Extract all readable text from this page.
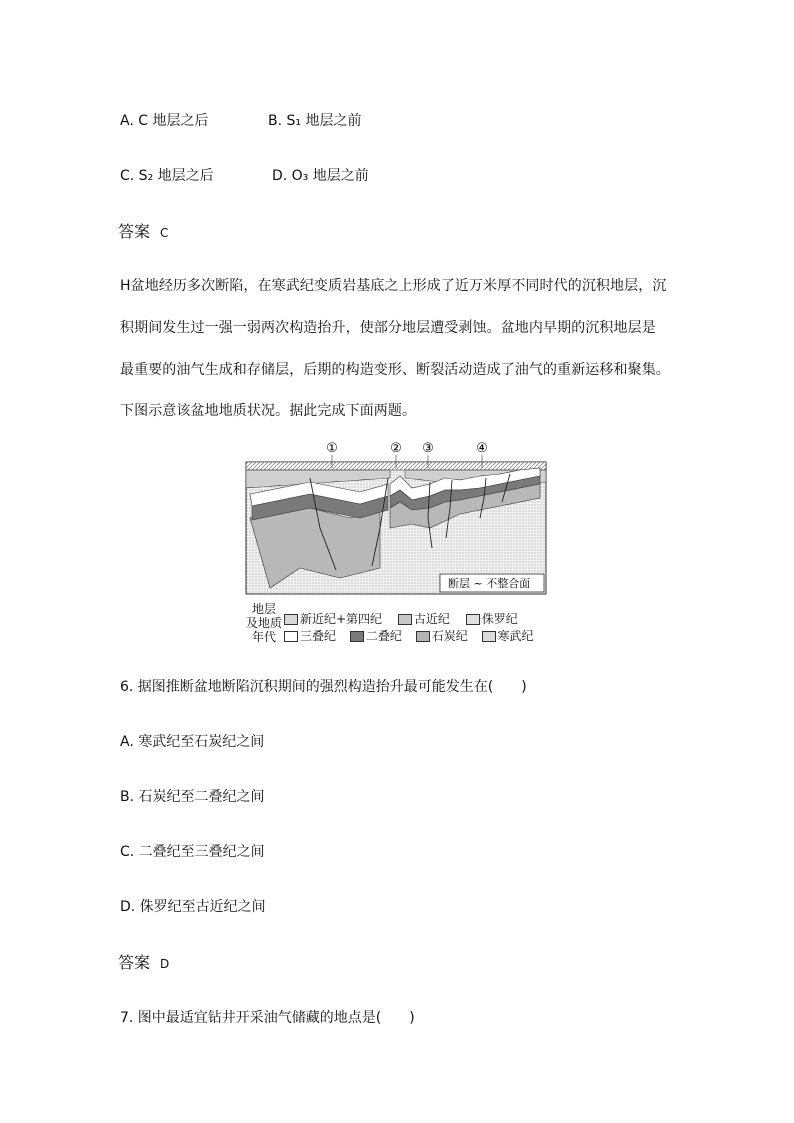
A. C 地层之后	B. S₁ 地层之前
C. S₂ 地层之后	D. O₃ 地层之前
答案 C
H盆地经历多次断陷，在寒武纪变质岩基底之上形成了近万米厚不同时代的沉积地层，沉
积期间发生过一强一弱两次构造抬升，使部分地层遭受剥蚀。盆地内早期的沉积地层是
最重要的油气生成和存储层，后期的构造变形、断裂活动造成了油气的重新运移和聚集。
下图示意该盆地地质状况。据此完成下面两题。
①	② ③	④
断层 ~ 不整合面
地层
及地质
年代
新近纪+第四纪	古近纪	侏罗纪
三叠纪 二叠纪 石炭纪 寒武纪
6. 据图推断盆地断陷沉积期间的强烈构造抬升最可能发生在(　　)
A. 寒武纪至石炭纪之间
B. 石炭纪至二叠纪之间
C. 二叠纪至三叠纪之间
D. 侏罗纪至古近纪之间
答案 D
7. 图中最适宜钻井开采油气储藏的地点是(　　)
